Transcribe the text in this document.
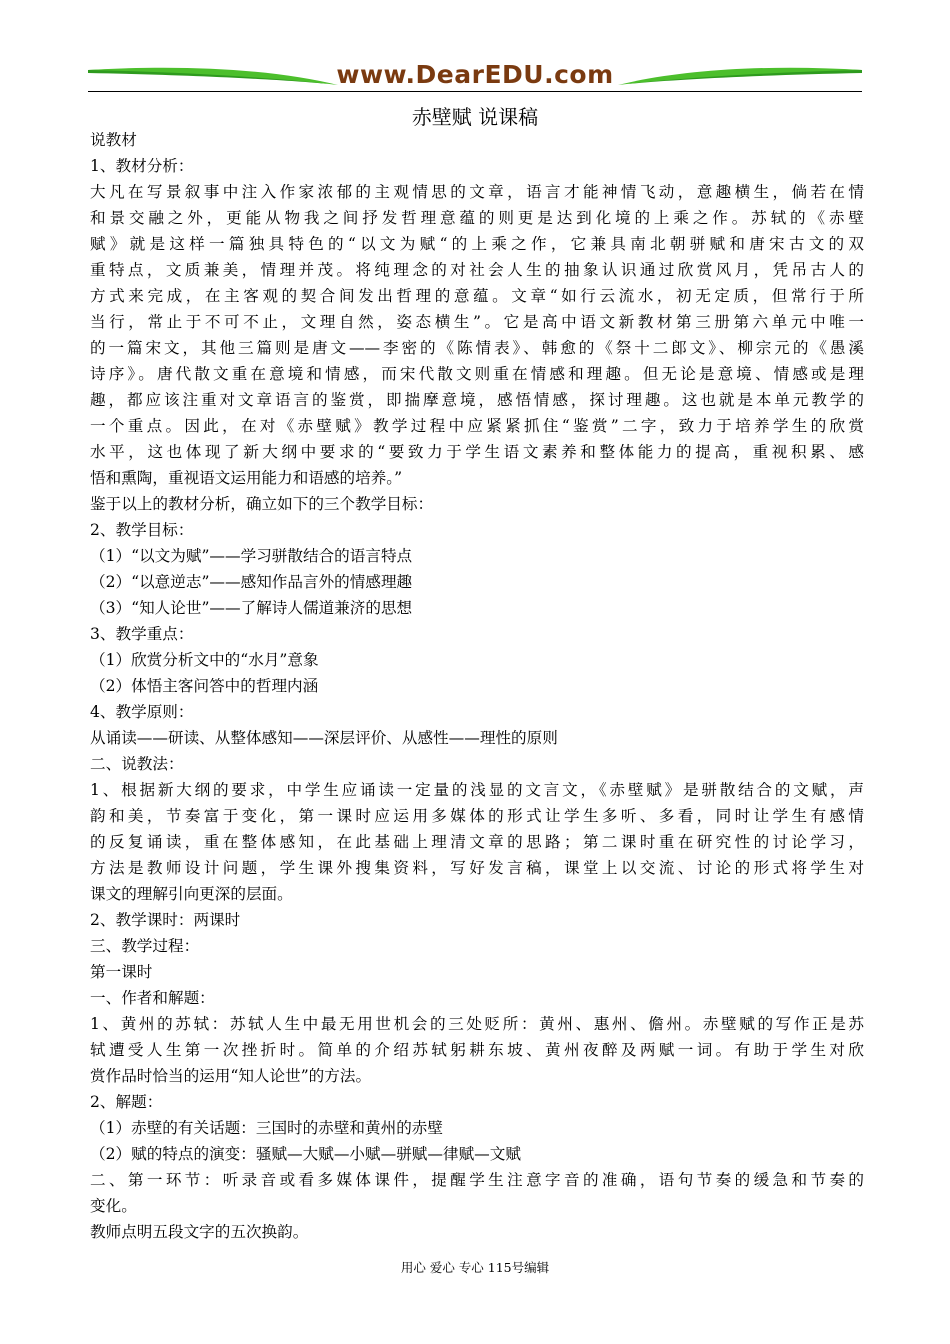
www.DearEDU.com
赤壁赋 说课稿
说教材
1、教材分析：
大凡在写景叙事中注入作家浓郁的主观情思的文章，语言才能神情飞动，意趣横生，倘若在情
和景交融之外，更能从物我之间抒发哲理意蕴的则更是达到化境的上乘之作。苏轼的《赤壁
赋》就是这样一篇独具特色的“以文为赋“的上乘之作，它兼具南北朝骈赋和唐宋古文的双
重特点，文质兼美，情理并茂。将纯理念的对社会人生的抽象认识通过欣赏风月，凭吊古人的
方式来完成，在主客观的契合间发出哲理的意蕴。文章“如行云流水，初无定质，但常行于所
当行，常止于不可不止，文理自然，姿态横生”。它是高中语文新教材第三册第六单元中唯一
的一篇宋文，其他三篇则是唐文——李密的《陈情表》、韩愈的《祭十二郎文》、柳宗元的《愚溪
诗序》。唐代散文重在意境和情感，而宋代散文则重在情感和理趣。但无论是意境、情感或是理
趣，都应该注重对文章语言的鉴赏，即揣摩意境，感悟情感，探讨理趣。这也就是本单元教学的
一个重点。因此，在对《赤壁赋》教学过程中应紧紧抓住“鉴赏”二字，致力于培养学生的欣赏
水平，这也体现了新大纲中要求的“要致力于学生语文素养和整体能力的提高，重视积累、感
悟和熏陶，重视语文运用能力和语感的培养。”
鉴于以上的教材分析，确立如下的三个教学目标：
2、教学目标：
（1）“以文为赋”——学习骈散结合的语言特点
（2）“以意逆志”——感知作品言外的情感理趣
（3）“知人论世”——了解诗人儒道兼济的思想
3、教学重点：
（1）欣赏分析文中的“水月”意象
（2）体悟主客问答中的哲理内涵
4、教学原则：
从诵读——研读、从整体感知——深层评价、从感性——理性的原则
二、说教法：
1、根据新大纲的要求，中学生应诵读一定量的浅显的文言文，《赤壁赋》是骈散结合的文赋，声
韵和美，节奏富于变化，第一课时应运用多媒体的形式让学生多听、多看，同时让学生有感情
的反复诵读，重在整体感知，在此基础上理清文章的思路；第二课时重在研究性的讨论学习，
方法是教师设计问题，学生课外搜集资料，写好发言稿，课堂上以交流、讨论的形式将学生对
课文的理解引向更深的层面。
2、教学课时：两课时
三、教学过程：
第一课时
一、作者和解题：
1、黄州的苏轼：苏轼人生中最无用世机会的三处贬所：黄州、惠州、儋州。赤壁赋的写作正是苏
轼遭受人生第一次挫折时。简单的介绍苏轼躬耕东坡、黄州夜醉及两赋一词。有助于学生对欣
赏作品时恰当的运用“知人论世”的方法。
2、解题：
（1）赤壁的有关话题：三国时的赤壁和黄州的赤壁
（2）赋的特点的演变：骚赋—大赋—小赋—骈赋—律赋—文赋
二、第一环节：听录音或看多媒体课件，提醒学生注意字音的准确，语句节奏的缓急和节奏的
变化。
教师点明五段文字的五次换韵。
用心 爱心 专心 115号编辑
